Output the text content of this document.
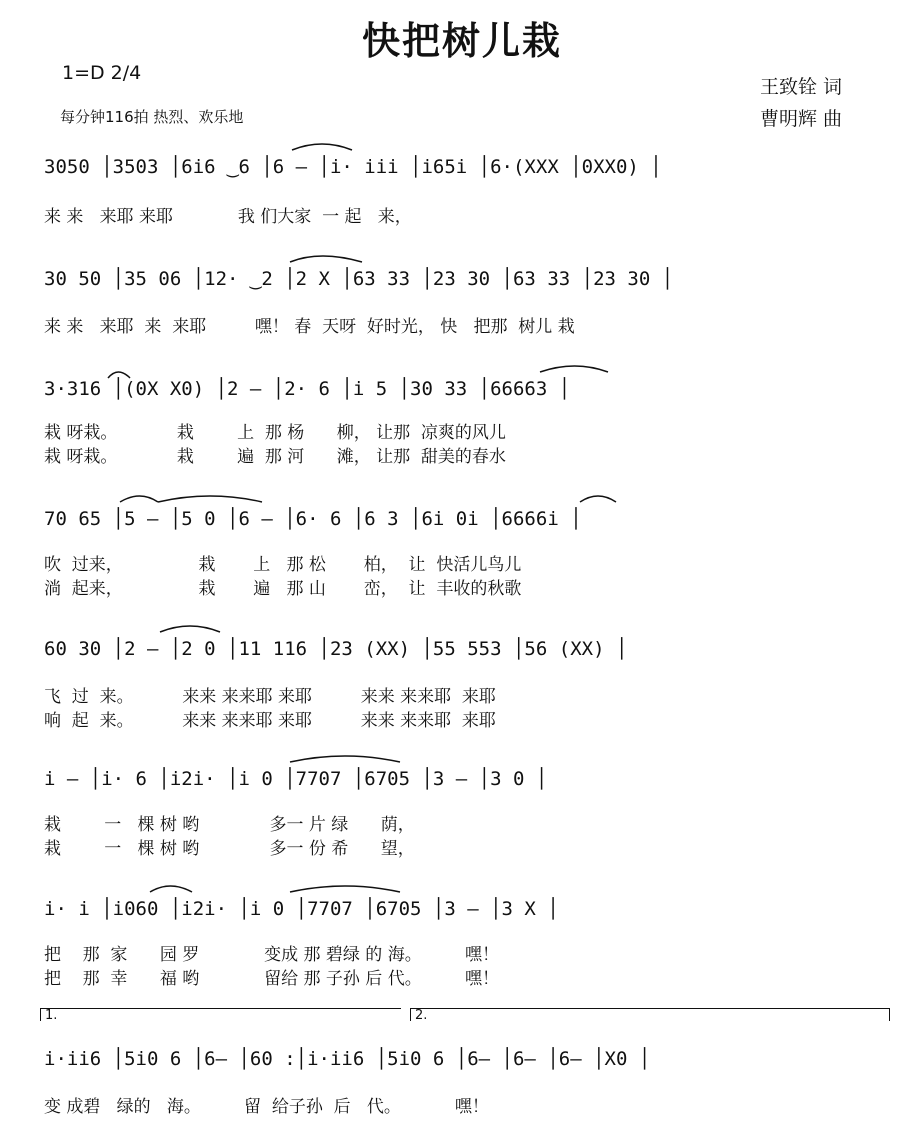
快把树儿栽
1=D 2/4
每分钟116拍 热烈、欢乐地
王致铨 词
曹明辉 曲
3050 │3503 │6i6 ‿6 │6 – │i· iii │i65i │6·(XXX │0XX0) │
来 来   来耶 来耶            我 们大家  一 起   来，
30 50 │35 06 │12· ‿2 │2 X │63 33 │23 30 │63 33 │23 30 │
来 来   来耶  来  来耶         嘿！ 春  天呀  好时光， 快   把那  树儿 栽
3·316 │(0X X0) │2 – │2· 6 │i 5 │30 33 │66663 │
栽 呀栽。           栽        上  那 杨      柳， 让那  凉爽的风儿
栽 呀栽。           栽        遍  那 河      滩， 让那  甜美的春水
70 65 │5 – │5 0 │6 – │6· 6 │6 3 │6i 0i │6666i │
吹  过来，              栽       上   那 松       柏，  让  快活儿鸟儿
淌  起来，              栽       遍   那 山       峦，  让  丰收的秋歌
60 30 │2 – │2 0 │11 116 │23 (XX) │55 553 │56 (XX) │
飞  过  来。         来来 来来耶 来耶         来来 来来耶  来耶
响  起  来。         来来 来来耶 来耶         来来 来来耶  来耶
i – │i· 6 │i2i· │i 0 │7707 │6705 │3 – │3 0 │
栽        一   棵 树 哟             多一 片 绿      荫，
栽        一   棵 树 哟             多一 份 希      望，
i· i │i060 │i2i· │i 0 │7707 │6705 │3 – │3 X │
把    那  家      园 罗            变成 那 碧绿 的 海。        嘿！
把    那  幸      福 哟            留给 那 子孙 后 代。        嘿！
1.	2.
i·ii6 │5i0 6 │6– │60 :│i·ii6 │5i0 6 │6– │6– │6– │X0 │
变 成碧   绿的   海。        留  给子孙  后   代。          嘿！
